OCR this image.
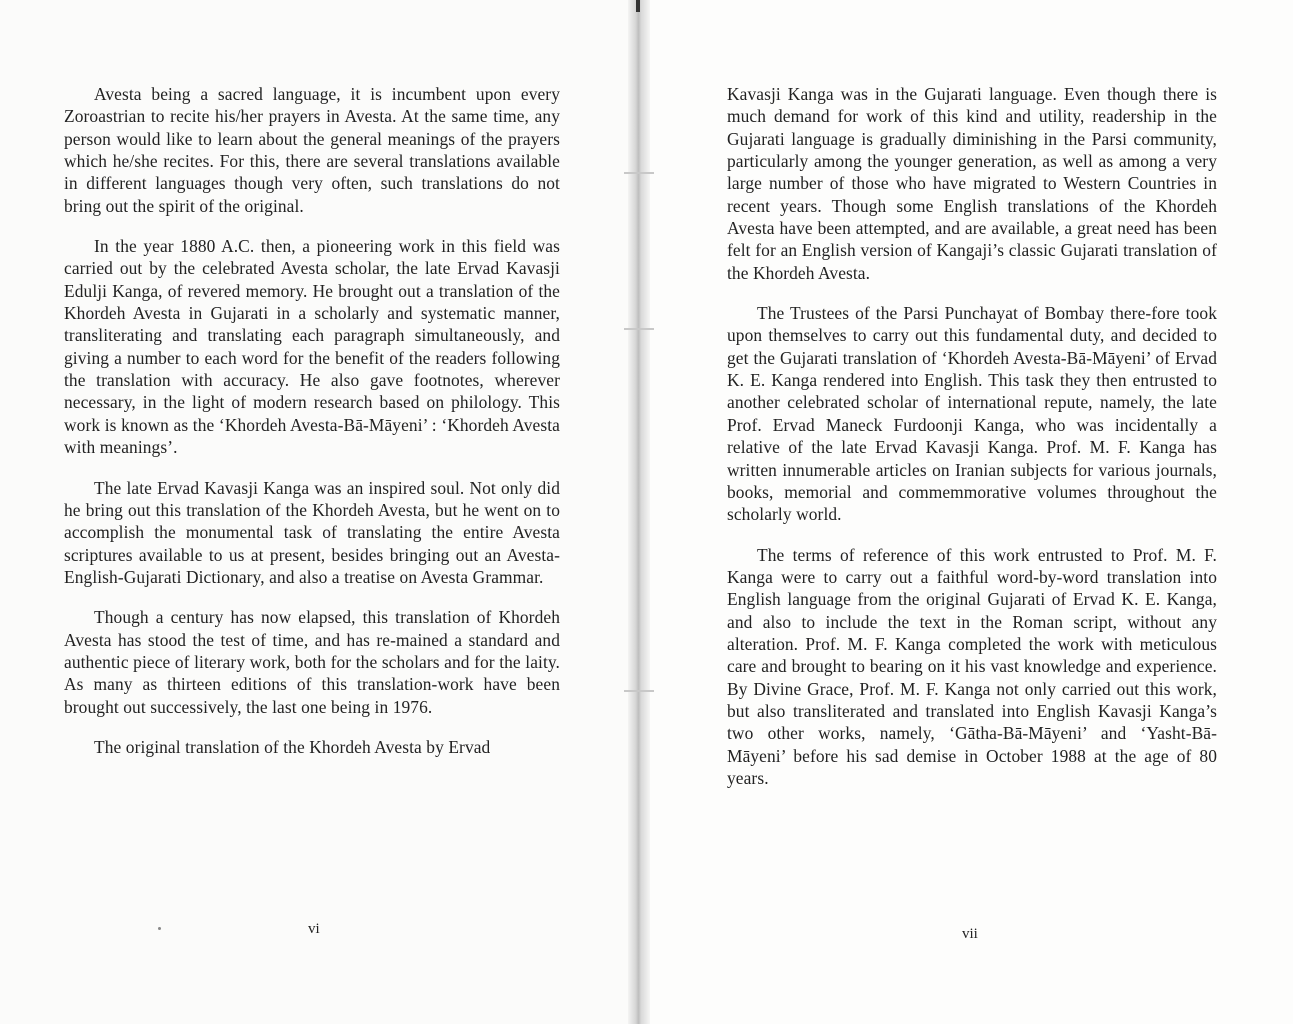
Avesta being a sacred language, it is incumbent upon every Zoroastrian to recite his/her prayers in Avesta. At the same time, any person would like to learn about the general meanings of the prayers which he/she recites. For this, there are several translations available in different languages though very often, such translations do not bring out the spirit of the original.

In the year 1880 A.C. then, a pioneering work in this field was carried out by the celebrated Avesta scholar, the late Ervad Kavasji Edulji Kanga, of revered memory. He brought out a translation of the Khordeh Avesta in Gujarati in a scholarly and systematic manner, transliterating and translating each paragraph simultaneously, and giving a number to each word for the benefit of the readers following the translation with accuracy. He also gave footnotes, wherever necessary, in the light of modern research based on philology. This work is known as the ‘Khordeh Avesta-Bā-Māyeni’ : ‘Khordeh Avesta with meanings’.

The late Ervad Kavasji Kanga was an inspired soul. Not only did he bring out this translation of the Khordeh Avesta, but he went on to accomplish the monumental task of translating the entire Avesta scriptures available to us at present, besides bringing out an Avesta-English-Gujarati Dictionary, and also a treatise on Avesta Grammar.

Though a century has now elapsed, this translation of Khordeh Avesta has stood the test of time, and has re-mained a standard and authentic piece of literary work, both for the scholars and for the laity. As many as thirteen editions of this translation-work have been brought out successively, the last one being in 1976.

The original translation of the Khordeh Avesta by Ervad

Kavasji Kanga was in the Gujarati language. Even though there is much demand for work of this kind and utility, readership in the Gujarati language is gradually diminishing in the Parsi community, particularly among the younger generation, as well as among a very large number of those who have migrated to Western Countries in recent years. Though some English translations of the Khordeh Avesta have been attempted, and are available, a great need has been felt for an English version of Kangaji’s classic Gujarati translation of the Khordeh Avesta.

The Trustees of the Parsi Punchayat of Bombay there-fore took upon themselves to carry out this fundamental duty, and decided to get the Gujarati translation of ‘Khordeh Avesta-Bā-Māyeni’ of Ervad K. E. Kanga rendered into English. This task they then entrusted to another celebrated scholar of international repute, namely, the late Prof. Ervad Maneck Furdoonji Kanga, who was incidentally a relative of the late Ervad Kavasji Kanga. Prof. M. F. Kanga has written innumerable articles on Iranian subjects for various journals, books, memorial and commemmorative volumes throughout the scholarly world.

The terms of reference of this work entrusted to Prof. M. F. Kanga were to carry out a faithful word-by-word translation into English language from the original Gujarati of Ervad K. E. Kanga, and also to include the text in the Roman script, without any alteration. Prof. M. F. Kanga completed the work with meticulous care and brought to bearing on it his vast knowledge and experience. By Divine Grace, Prof. M. F. Kanga not only carried out this work, but also transliterated and translated into English Kavasji Kanga’s two other works, namely, ‘Gātha-Bā-Māyeni’ and ‘Yasht-Bā-Māyeni’ before his sad demise in October 1988 at the age of 80 years.

vi	vii
